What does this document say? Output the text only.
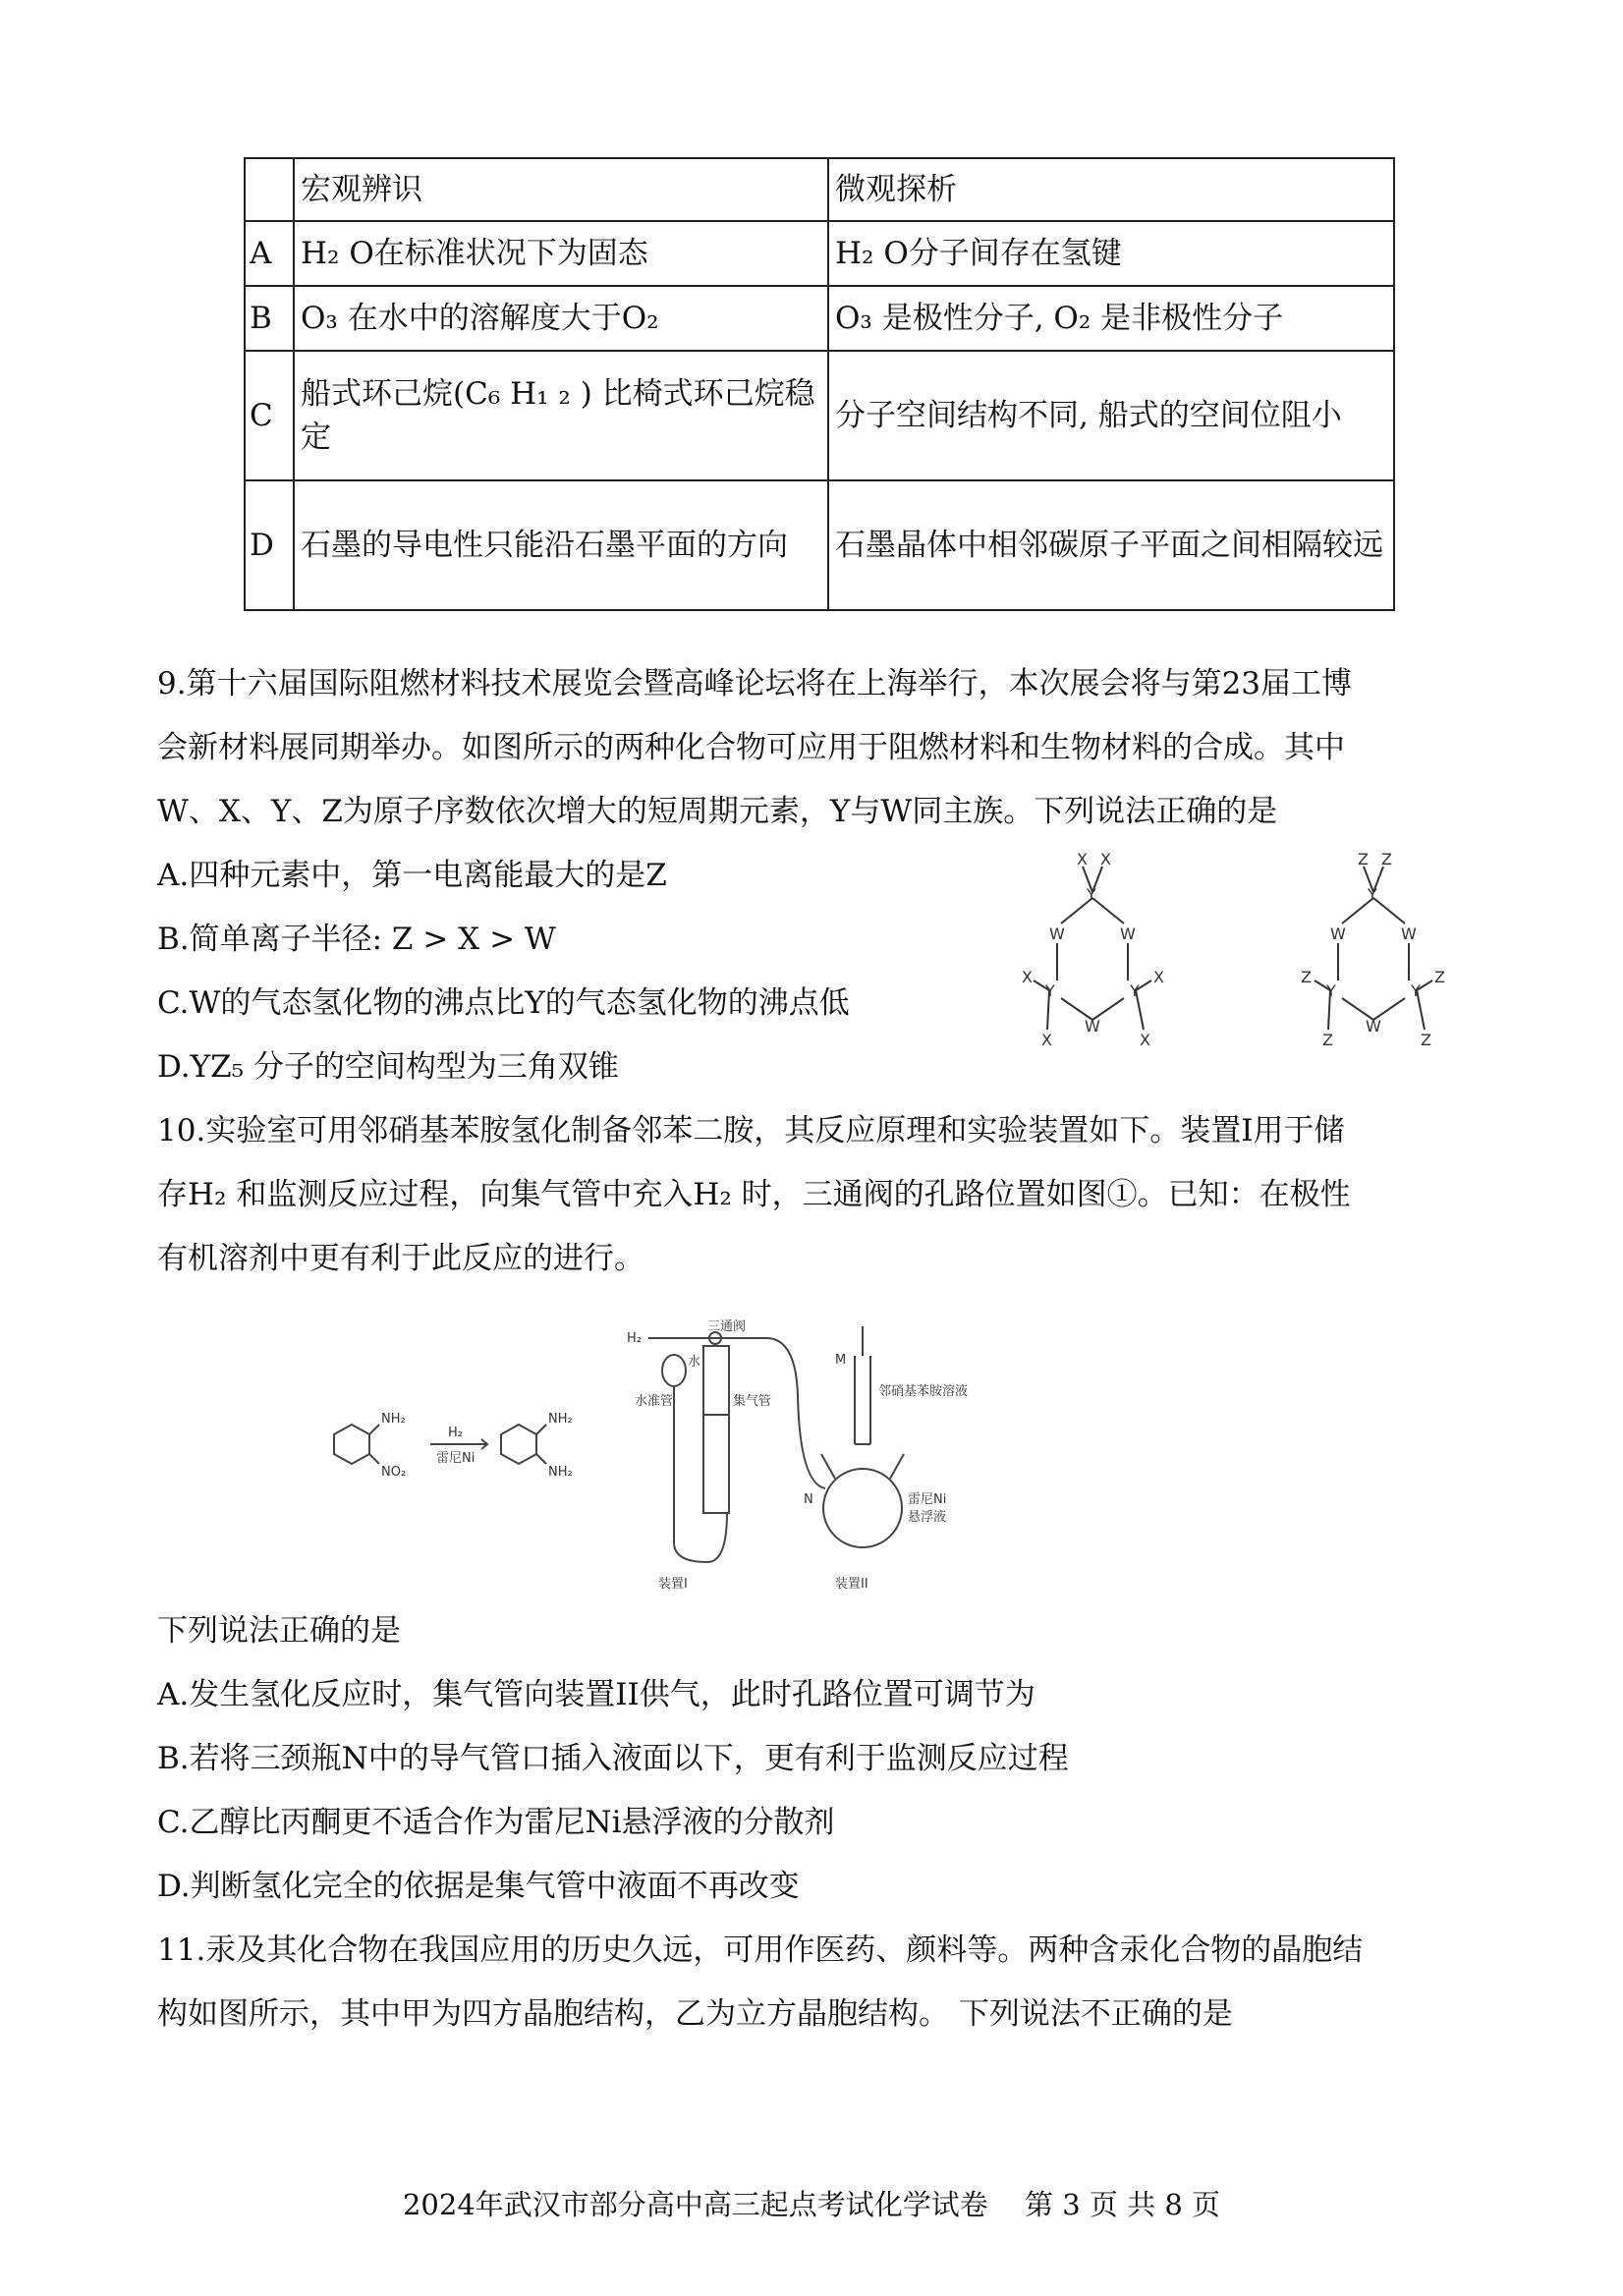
	宏观辨识	微观探析
A	H₂ O在标准状况下为固态	H₂ O分子间存在氢键
B	O₃ 在水中的溶解度大于O₂	O₃ 是极性分子, O₂ 是非极性分子
C	船式环己烷(C₆ H₁ ₂ ) 比椅式环己烷稳定	分子空间结构不同, 船式的空间位阻小
D	石墨的导电性只能沿石墨平面的方向	石墨晶体中相邻碳原子平面之间相隔较远
9.第十六届国际阻燃材料技术展览会暨高峰论坛将在上海举行，本次展会将与第23届工博
会新材料展同期举办。如图所示的两种化合物可应用于阻燃材料和生物材料的合成。其中
W、X、Y、Z为原子序数依次增大的短周期元素，Y与W同主族。下列说法正确的是
A.四种元素中，第一电离能最大的是Z
B.简单离子半径: Z > X > W
C.W的气态氢化物的沸点比Y的气态氢化物的沸点低
D.YZ₅ 分子的空间构型为三角双锥
Y
W	W
Y	Y
W
X X
X
X
X
X
Y
W	W
Y	Y
W
Z Z
Z
Z
Z
Z
10.实验室可用邻硝基苯胺氢化制备邻苯二胺，其反应原理和实验装置如下。装置I用于储
存H₂ 和监测反应过程，向集气管中充入H₂ 时，三通阀的孔路位置如图①。已知：在极性
有机溶剂中更有利于此反应的进行。
NH₂
NO₂
H₂
雷尼Ni
NH₂
NH₂
H₂
三通阀
水准管
水
集气管
M
邻硝基苯胺溶液
N	雷尼Ni
悬浮液
装置I	装置II
下列说法正确的是
A.发生氢化反应时，集气管向装置II供气，此时孔路位置可调节为
B.若将三颈瓶N中的导气管口插入液面以下，更有利于监测反应过程
C.乙醇比丙酮更不适合作为雷尼Ni悬浮液的分散剂
D.判断氢化完全的依据是集气管中液面不再改变
11.汞及其化合物在我国应用的历史久远，可用作医药、颜料等。两种含汞化合物的晶胞结
构如图所示，其中甲为四方晶胞结构，乙为立方晶胞结构。 下列说法不正确的是
2024年武汉市部分高中高三起点考试化学试卷 第 3 页 共 8 页
